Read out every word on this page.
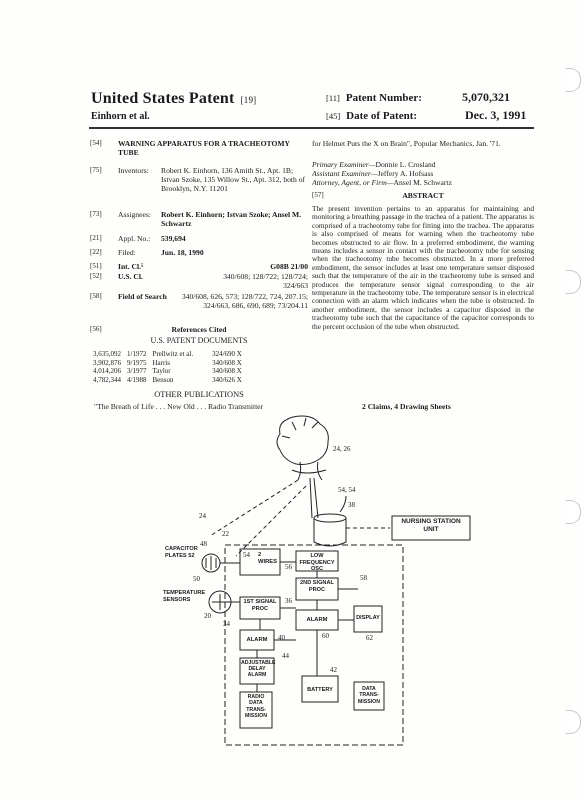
United States Patent [19]
Einhorn et al.
[11] Patent Number:	5,070,321
[45] Date of Patent:	Dec. 3, 1991
[54] WARNING APPARATUS FOR A TRACHEOTOMY TUBE
[75] Inventors: Robert K. Einhorn, 136 Amith St., Apt. 1B; Istvan Szoke, 135 Willow St., Apt. 312, both of Brooklyn, N.Y. 11201
[73] Assignees: Robert K. Einhorn; Istvan Szoke; Ansel M. Schwartz
[21] Appl. No.: 539,694
[22] Filed:	Jun. 18, 1990
[51] Int. Cl.⁵	G08B 21/00
[52] U.S. Cl.	340/608; 128/722; 128/724; 324/663
[58] Field of Search	340/608, 626, 573; 128/722, 724, 207.15; 324/663, 686, 690, 689; 73/204.11
[56]	References Cited
U.S. PATENT DOCUMENTS
3,635,092	1/1972	Prellwitz et al.	324/690 X
3,902,876	9/1975	Harris	340/608 X
4,014,206	3/1977	Taylor	340/608 X
4,782,344	4/1988	Benson	340/626 X
OTHER PUBLICATIONS
"The Breath of Life . . . New Old . . . Radio Transmitter
for Helmet Puts the X on Brain", Popular Mechanics, Jan. '71.
Primary Examiner—Donnie L. Crosland
Assistant Examiner—Jeffery A. Hofsass
Attorney, Agent, or Firm—Ansel M. Schwartz
[57]	ABSTRACT
The present invention pertains to an apparatus for maintaining and monitoring a breathing passage in the trachea of a patient. The apparatus is comprised of a tracheotomy tube for fitting into the trachea. The apparatus is also comprised of means for warning when the tracheotomy tube becomes obstructed to air flow. In a preferred embodiment, the warning means includes a sensor in contact with the tracheotomy tube for sensing when the tracheotomy tube becomes obstructed. In a more preferred embodiment, the sensor includes at least one temperature sensor disposed such that the temperature of the air in the tracheotomy tube is sensed and produces the temperature sensor signal corresponding to the air temperature in the tracheotomy tube. The temperature sensor is in electrical connection with an alarm which indicates when the tube is obstructed. In another embodiment, the sensor includes a capacitor disposed in the tracheotomy tube such that the capacitance of the capacitor corresponds to the percent occlusion of the tube when obstructed.
2 Claims, 4 Drawing Sheets
24, 26
54, 54
38
NURSING STATION UNIT
24
22
48
CAPACITOR PLATES 52
50
54 2 WIRES
LOW FREQUENCY OSC
56
58
2ND SIGNAL PROC
TEMPERATURE SENSORS
20
34
1ST SIGNAL PROC
36
ALARM
ALARM
60
DISPLAY
62
40
44
ADJUSTABLE DELAY ALARM
42
RADIO DATA TRANS-MISSION
BATTERY	DATA TRANS-MISSION
